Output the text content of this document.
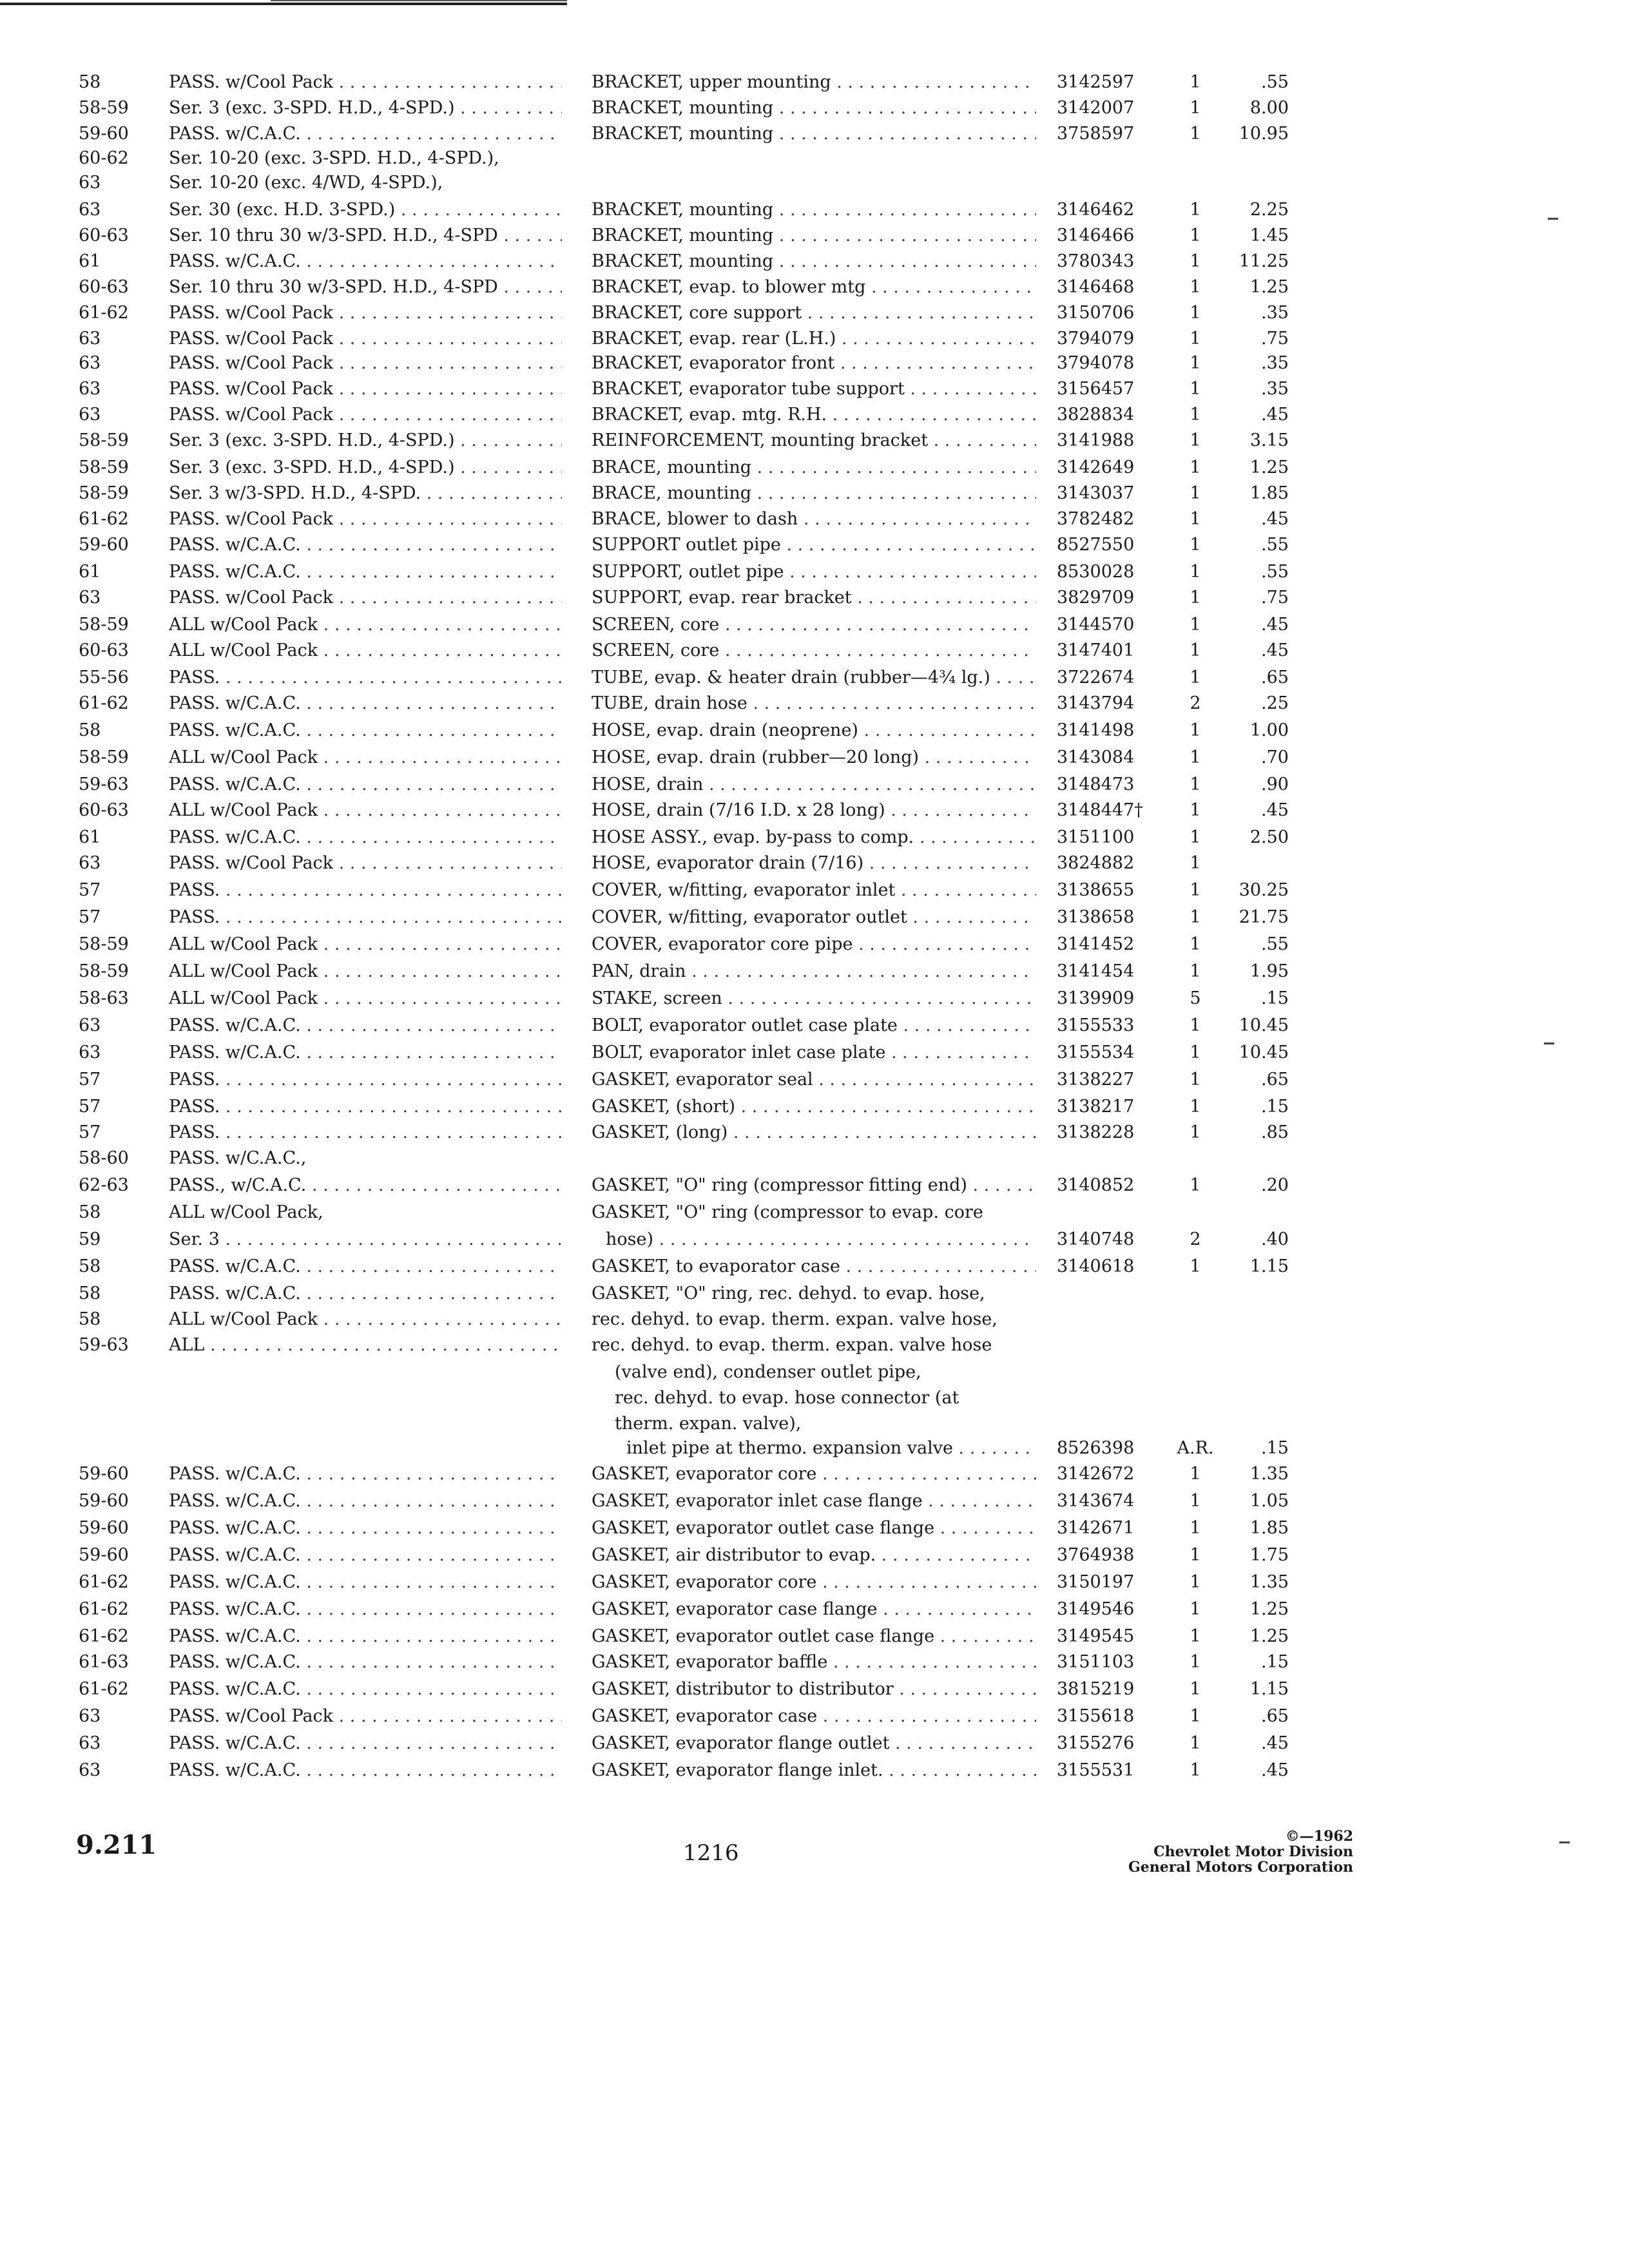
58	PASS. w/Cool Pack . . .	BRACKET, upper mounting . . .	3142597	1	.55
58-59	Ser. 3 (exc. 3-SPD. H.D., 4-SPD.) . . .	BRACKET, mounting . . .	3142007	1	8.00
59-60	PASS. w/C.A.C. . . .	BRACKET, mounting . . .	3758597	1	10.95
60-62	Ser. 10-20 (exc. 3-SPD. H.D., 4-SPD.),
63	Ser. 10-20 (exc. 4/WD, 4-SPD.),
63	Ser. 30 (exc. H.D. 3-SPD.) . . .	BRACKET, mounting . . .	3146462	1	2.25
60-63	Ser. 10 thru 30 w/3-SPD. H.D., 4-SPD . . .	BRACKET, mounting . . .	3146466	1	1.45
61	PASS. w/C.A.C. . . .	BRACKET, mounting . . .	3780343	1	11.25
60-63	Ser. 10 thru 30 w/3-SPD. H.D., 4-SPD . . .	BRACKET, evap. to blower mtg . . .	3146468	1	1.25
61-62	PASS. w/Cool Pack . . .	BRACKET, core support . . .	3150706	1	.35
63	PASS. w/Cool Pack . . .	BRACKET, evap. rear (L.H.) . . .	3794079	1	.75
63	PASS. w/Cool Pack . . .	BRACKET, evaporator front . . .	3794078	1	.35
63	PASS. w/Cool Pack . . .	BRACKET, evaporator tube support . . .	3156457	1	.35
63	PASS. w/Cool Pack . . .	BRACKET, evap. mtg. R.H. . . .	3828834	1	.45
58-59	Ser. 3 (exc. 3-SPD. H.D., 4-SPD.) . . .	REINFORCEMENT, mounting bracket . . .	3141988	1	3.15
58-59	Ser. 3 (exc. 3-SPD. H.D., 4-SPD.) . . .	BRACE, mounting . . .	3142649	1	1.25
58-59	Ser. 3 w/3-SPD. H.D., 4-SPD. . . .	BRACE, mounting . . .	3143037	1	1.85
61-62	PASS. w/Cool Pack . . .	BRACE, blower to dash . . .	3782482	1	.45
59-60	PASS. w/C.A.C. . . .	SUPPORT outlet pipe . . .	8527550	1	.55
61	PASS. w/C.A.C. . . .	SUPPORT, outlet pipe . . .	8530028	1	.55
63	PASS. w/Cool Pack . . .	SUPPORT, evap. rear bracket . . .	3829709	1	.75
58-59	ALL w/Cool Pack . . .	SCREEN, core . . .	3144570	1	.45
60-63	ALL w/Cool Pack . . .	SCREEN, core . . .	3147401	1	.45
55-56	PASS. . . .	TUBE, evap. & heater drain (rubber—4¾ lg.) . . .	3722674	1	.65
61-62	PASS. w/C.A.C. . . .	TUBE, drain hose . . .	3143794	2	.25
58	PASS. w/C.A.C. . . .	HOSE, evap. drain (neoprene) . . .	3141498	1	1.00
58-59	ALL w/Cool Pack . . .	HOSE, evap. drain (rubber—20 long) . . .	3143084	1	.70
59-63	PASS. w/C.A.C. . . .	HOSE, drain . . .	3148473	1	.90
60-63	ALL w/Cool Pack . . .	HOSE, drain (7/16 I.D. x 28 long) . . .	3148447†	1	.45
61	PASS. w/C.A.C. . . .	HOSE ASSY., evap. by-pass to comp. . . .	3151100	1	2.50
63	PASS. w/Cool Pack . . .	HOSE, evaporator drain (7/16) . . .	3824882	1
57	PASS. . . .	COVER, w/fitting, evaporator inlet . . .	3138655	1	30.25
57	PASS. . . .	COVER, w/fitting, evaporator outlet . . .	3138658	1	21.75
58-59	ALL w/Cool Pack . . .	COVER, evaporator core pipe . . .	3141452	1	.55
58-59	ALL w/Cool Pack . . .	PAN, drain . . .	3141454	1	1.95
58-63	ALL w/Cool Pack . . .	STAKE, screen . . .	3139909	5	.15
63	PASS. w/C.A.C. . . .	BOLT, evaporator outlet case plate . . .	3155533	1	10.45
63	PASS. w/C.A.C. . . .	BOLT, evaporator inlet case plate . . .	3155534	1	10.45
57	PASS. . . .	GASKET, evaporator seal . . .	3138227	1	.65
57	PASS. . . .	GASKET, (short) . . .	3138217	1	.15
57	PASS. . . .	GASKET, (long) . . .	3138228	1	.85
58-60	PASS. w/C.A.C.,
62-63	PASS., w/C.A.C. . . .	GASKET, "O" ring (compressor fitting end) . . .	3140852	1	.20
58	ALL w/Cool Pack,	GASKET, "O" ring (compressor to evap. core
59	Ser. 3 . . .	hose) . . .	3140748	2	.40
58	PASS. w/C.A.C. . . .	GASKET, to evaporator case . . .	3140618	1	1.15
58	PASS. w/C.A.C. . . .	GASKET, "O" ring, rec. dehyd. to evap. hose,
58	ALL w/Cool Pack . . .	rec. dehyd. to evap. therm. expan. valve hose,
59-63	ALL . . .	rec. dehyd. to evap. therm. expan. valve hose
(valve end), condenser outlet pipe,
rec. dehyd. to evap. hose connector (at
therm. expan. valve),
inlet pipe at thermo. expansion valve . . .	8526398	A.R.	.15
59-60	PASS. w/C.A.C. . . .	GASKET, evaporator core . . .	3142672	1	1.35
59-60	PASS. w/C.A.C. . . .	GASKET, evaporator inlet case flange . . .	3143674	1	1.05
59-60	PASS. w/C.A.C. . . .	GASKET, evaporator outlet case flange . . .	3142671	1	1.85
59-60	PASS. w/C.A.C. . . .	GASKET, air distributor to evap. . . .	3764938	1	1.75
61-62	PASS. w/C.A.C. . . .	GASKET, evaporator core . . .	3150197	1	1.35
61-62	PASS. w/C.A.C. . . .	GASKET, evaporator case flange . . .	3149546	1	1.25
61-62	PASS. w/C.A.C. . . .	GASKET, evaporator outlet case flange . . .	3149545	1	1.25
61-63	PASS. w/C.A.C. . . .	GASKET, evaporator baffle . . .	3151103	1	.15
61-62	PASS. w/C.A.C. . . .	GASKET, distributor to distributor . . .	3815219	1	1.15
63	PASS. w/Cool Pack . . .	GASKET, evaporator case . . .	3155618	1	.65
63	PASS. w/C.A.C. . . .	GASKET, evaporator flange outlet . . .	3155276	1	.45
63	PASS. w/C.A.C. . . .	GASKET, evaporator flange inlet. . . .	3155531	1	.45
9.211	1216
©—1962
Chevrolet Motor Division
General Motors Corporation
